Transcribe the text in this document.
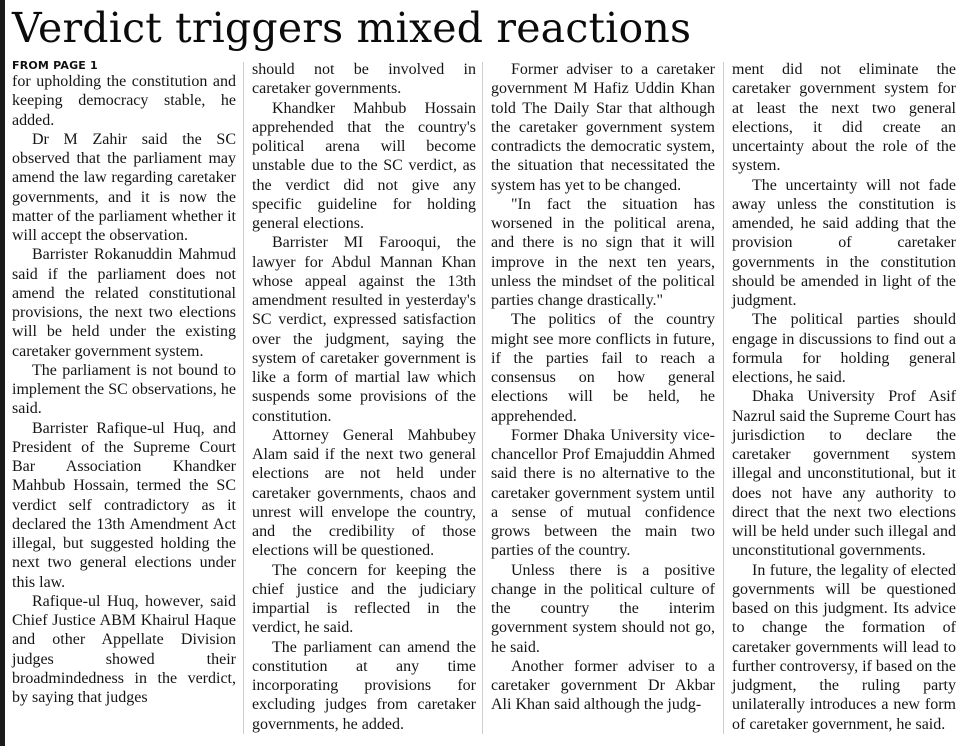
Verdict triggers mixed reactions
FROM PAGE 1

for upholding the constitution and keeping democracy stable, he added.

Dr M Zahir said the SC observed that the parliament may amend the law regarding caretaker governments, and it is now the matter of the parliament whether it will accept the observation.

Barrister Rokanuddin Mahmud said if the parliament does not amend the related constitutional provisions, the next two elections will be held under the existing caretaker government system.

The parliament is not bound to implement the SC observations, he said.

Barrister Rafique-ul Huq, and President of the Supreme Court Bar Association Khandker Mahbub Hossain, termed the SC verdict self contradictory as it declared the 13th Amendment Act illegal, but suggested holding the next two general elections under this law.

Rafique-ul Huq, however, said Chief Justice ABM Khairul Haque and other Appellate Division judges showed their broadmindedness in the verdict, by saying that judges

should not be involved in caretaker governments.

Khandker Mahbub Hossain apprehended that the country's political arena will become unstable due to the SC verdict, as the verdict did not give any specific guideline for holding general elections.

Barrister MI Farooqui, the lawyer for Abdul Mannan Khan whose appeal against the 13th amendment resulted in yesterday's SC verdict, expressed satisfaction over the judgment, saying the system of caretaker government is like a form of martial law which suspends some provisions of the constitution.

Attorney General Mahbubey Alam said if the next two general elections are not held under caretaker governments, chaos and unrest will envelope the country, and the credibility of those elections will be questioned.

The concern for keeping the chief justice and the judiciary impartial is reflected in the verdict, he said.

The parliament can amend the constitution at any time incorporating provisions for excluding judges from caretaker governments, he added.

Former adviser to a caretaker government M Hafiz Uddin Khan told The Daily Star that although the caretaker government system contradicts the democratic system, the situation that necessitated the system has yet to be changed.

"In fact the situation has worsened in the political arena, and there is no sign that it will improve in the next ten years, unless the mindset of the political parties change drastically."

The politics of the country might see more conflicts in future, if the parties fail to reach a consensus on how general elections will be held, he apprehended.

Former Dhaka University vice-chancellor Prof Emajuddin Ahmed said there is no alternative to the caretaker government system until a sense of mutual confidence grows between the main two parties of the country.

Unless there is a positive change in the political culture of the country the interim government system should not go, he said.

Another former adviser to a caretaker government Dr Akbar Ali Khan said although the judg-

ment did not eliminate the caretaker government system for at least the next two general elections, it did create an uncertainty about the role of the system.

The uncertainty will not fade away unless the constitution is amended, he said adding that the provision of caretaker governments in the constitution should be amended in light of the judgment.

The political parties should engage in discussions to find out a formula for holding general elections, he said.

Dhaka University Prof Asif Nazrul said the Supreme Court has jurisdiction to declare the caretaker government system illegal and unconstitutional, but it does not have any authority to direct that the next two elections will be held under such illegal and unconstitutional governments.

In future, the legality of elected governments will be questioned based on this judgment. Its advice to change the formation of caretaker governments will lead to further controversy, if based on the judgment, the ruling party unilaterally introduces a new form of caretaker government, he said.
